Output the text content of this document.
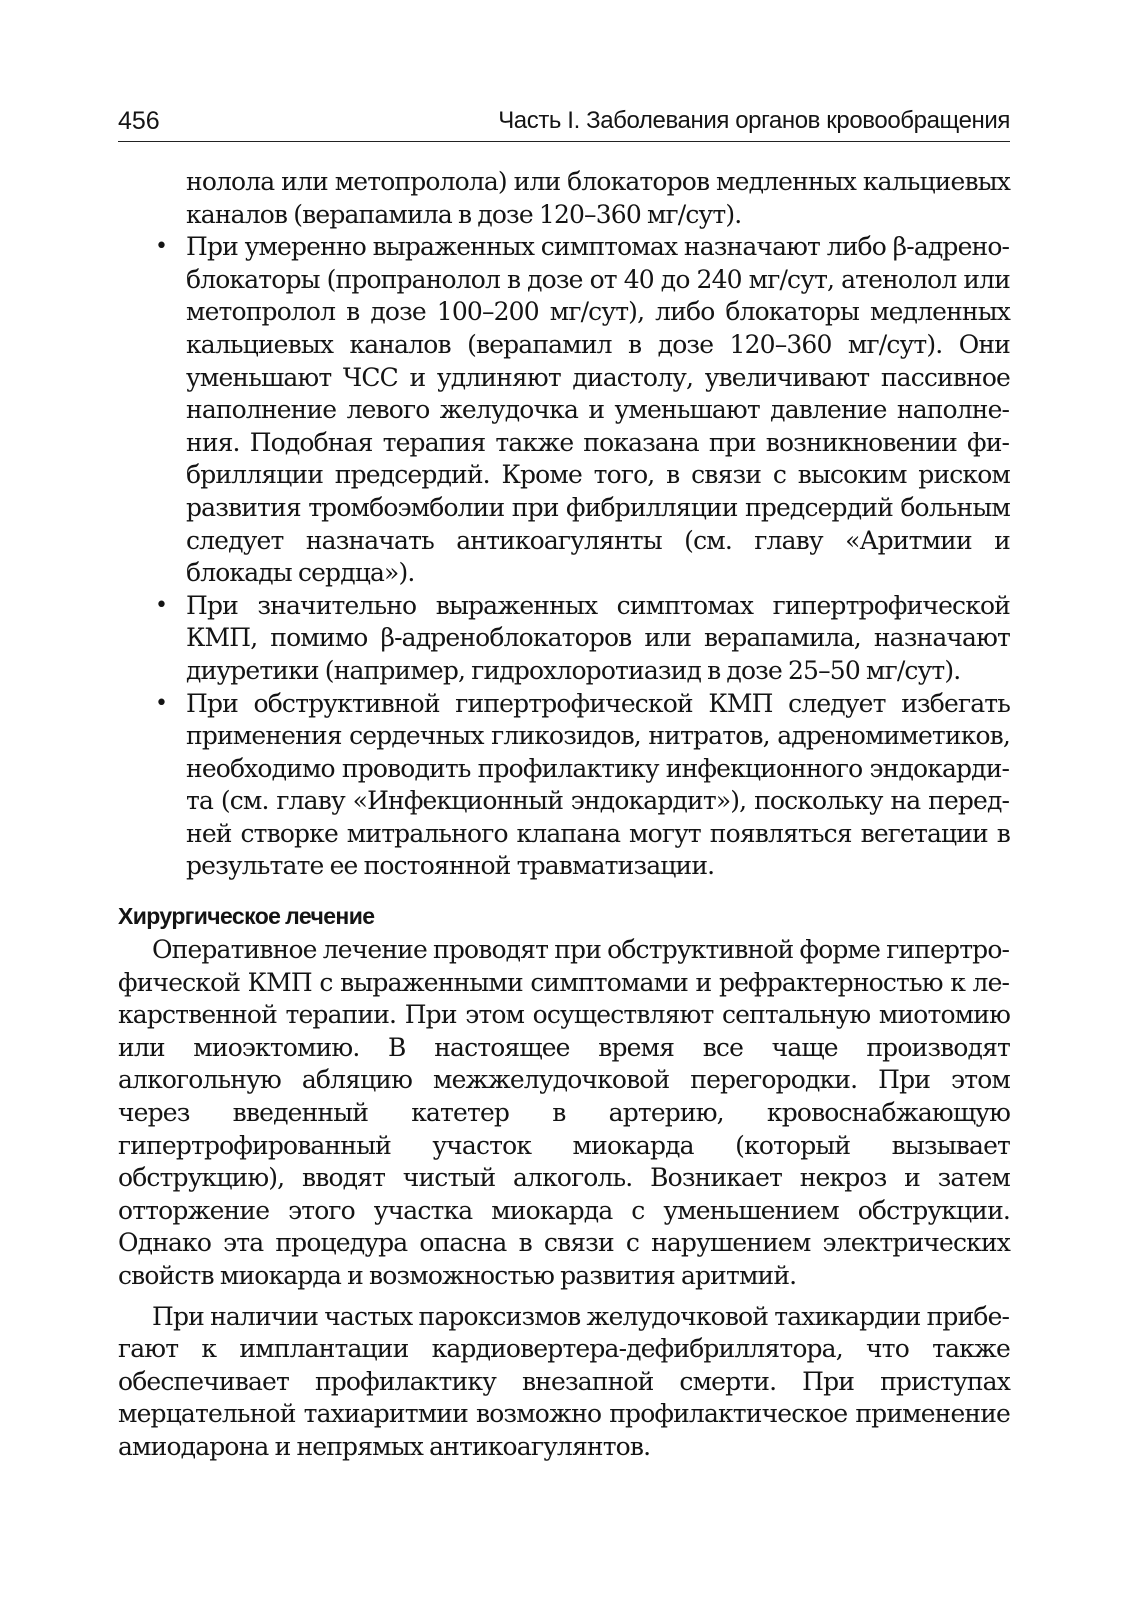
456	Часть I. Заболевания органов кровообращения

нолола или метопролола) или блокаторов медленных кальциевых каналов (верапамила в дозе 120–360 мг/сут).

• При умеренно выраженных симптомах назначают либо β-адреноблокаторы (пропранолол в дозе от 40 до 240 мг/сут, атенолол или метопролол в дозе 100–200 мг/сут), либо блокаторы медленных кальциевых каналов (верапамил в дозе 120–360 мг/сут). Они уменьшают ЧСС и удлиняют диастолу, увеличивают пассивное наполнение левого желудочка и уменьшают давление наполнения. Подобная терапия также показана при возникновении фибрилляции предсердий. Кроме того, в связи с высоким риском развития тромбоэмболии при фибрилляции предсердий больным следует назначать антикоагулянты (см. главу «Аритмии и блокады сердца»).
• При значительно выраженных симптомах гипертрофической КМП, помимо β-адреноблокаторов или верапамила, назначают диуретики (например, гидрохлоротиазид в дозе 25–50 мг/сут).
• При обструктивной гипертрофической КМП следует избегать применения сердечных гликозидов, нитратов, адреномиметиков, необходимо проводить профилактику инфекционного эндокардита (см. главу «Инфекционный эндокардит»), поскольку на передней створке митрального клапана могут появляться вегетации в результате ее постоянной травматизации.
Хирургическое лечение

Оперативное лечение проводят при обструктивной форме гипертрофической КМП с выраженными симптомами и рефрактерностью к лекарственной терапии. При этом осуществляют септальную миотомию или миоэктомию. В настоящее время все чаще производят алкогольную абляцию межжелудочковой перегородки. При этом через введенный катетер в артерию, кровоснабжающую гипертрофированный участок миокарда (который вызывает обструкцию), вводят чистый алкоголь. Возникает некроз и затем отторжение этого участка миокарда с уменьшением обструкции. Однако эта процедура опасна в связи с нарушением электрических свойств миокарда и возможностью развития аритмий.

При наличии частых пароксизмов желудочковой тахикардии прибегают к имплантации кардиовертера-дефибриллятора, что также обеспечивает профилактику внезапной смерти. При приступах мерцательной тахиаритмии возможно профилактическое применение амиодарона и непрямых антикоагулянтов.
